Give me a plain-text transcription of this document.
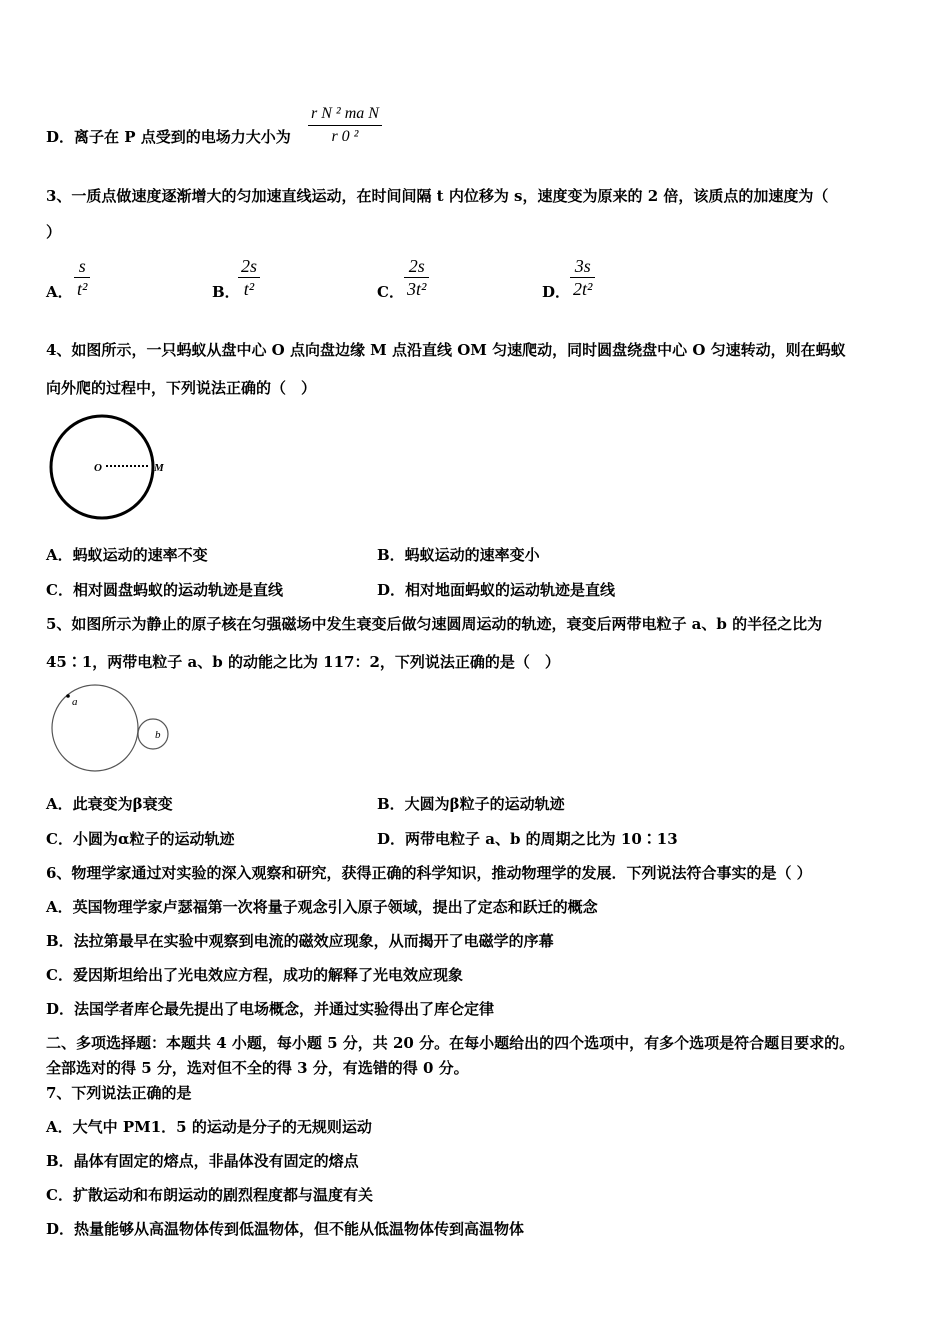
D．离子在 P 点受到的电场力大小为
r N ² ma N
r 0 ²
3、一质点做速度逐渐增大的匀加速直线运动，在时间间隔 t 内位移为 s，速度变为原来的 2 倍，该质点的加速度为（
）
A．
s
t²	B．
2s
t²	C．
2s
3t²	D．
3s
2t²
4、如图所示，一只蚂蚁从盘中心 O 点向盘边缘 M 点沿直线 OM 匀速爬动，同时圆盘绕盘中心 O 匀速转动，则在蚂蚁
向外爬的过程中，下列说法正确的（　）
O	M
A．蚂蚁运动的速率不变	B．蚂蚁运动的速率变小
C．相对圆盘蚂蚁的运动轨迹是直线	D．相对地面蚂蚁的运动轨迹是直线
5、如图所示为静止的原子核在匀强磁场中发生衰变后做匀速圆周运动的轨迹，衰变后两带电粒子 a、b 的半径之比为
45∶1，两带电粒子 a、b 的动能之比为 117：2，下列说法正确的是（　）
a
b
A．此衰变为β衰变	B．大圆为β粒子的运动轨迹
C．小圆为α粒子的运动轨迹	D．两带电粒子 a、b 的周期之比为 10∶13
6、物理学家通过对实验的深入观察和研究，获得正确的科学知识，推动物理学的发展．下列说法符合事实的是（ ）
A．英国物理学家卢瑟福第一次将量子观念引入原子领域，提出了定态和跃迁的概念
B．法拉第最早在实验中观察到电流的磁效应现象，从而揭开了电磁学的序幕
C．爱因斯坦给出了光电效应方程，成功的解释了光电效应现象
D．法国学者库仑最先提出了电场概念，并通过实验得出了库仑定律
二、多项选择题：本题共 4 小题，每小题 5 分，共 20 分。在每小题给出的四个选项中，有多个选项是符合题目要求的。
全部选对的得 5 分，选对但不全的得 3 分，有选错的得 0 分。
7、下列说法正确的是
A．大气中 PM1．5 的运动是分子的无规则运动
B．晶体有固定的熔点，非晶体没有固定的熔点
C．扩散运动和布朗运动的剧烈程度都与温度有关
D．热量能够从高温物体传到低温物体，但不能从低温物体传到高温物体
